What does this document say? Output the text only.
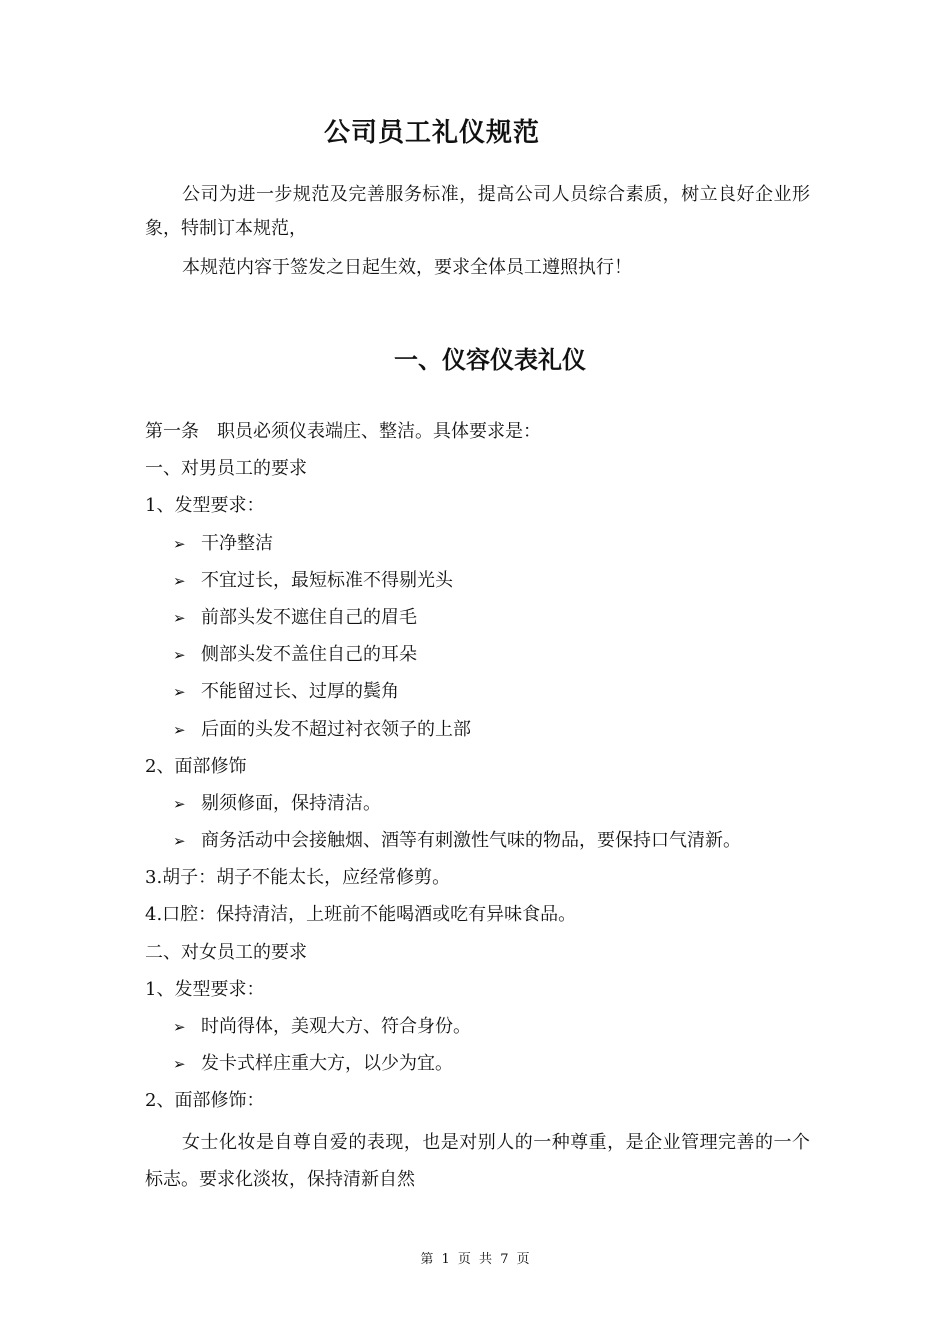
公司员工礼仪规范

公司为进一步规范及完善服务标准，提高公司人员综合素质，树立良好企业形象，特制订本规范，

本规范内容于签发之日起生效，要求全体员工遵照执行！

一、仪容仪表礼仪
第一条　职员必须仪表端庄、整洁。具体要求是：
一、对男员工的要求
1、发型要求：
➢ 干净整洁
➢ 不宜过长，最短标准不得剔光头
➢ 前部头发不遮住自己的眉毛
➢ 侧部头发不盖住自己的耳朵
➢ 不能留过长、过厚的鬓角
➢ 后面的头发不超过衬衣领子的上部
2、面部修饰
➢ 剔须修面，保持清洁。
➢ 商务活动中会接触烟、酒等有刺激性气味的物品，要保持口气清新。
3.胡子：胡子不能太长，应经常修剪。
4.口腔：保持清洁，上班前不能喝酒或吃有异味食品。
二、对女员工的要求
1、发型要求：
➢ 时尚得体，美观大方、符合身份。
➢ 发卡式样庄重大方，以少为宜。
2、面部修饰：

女士化妆是自尊自爱的表现，也是对别人的一种尊重，是企业管理完善的一个标志。要求化淡妆，保持清新自然

第 1 页 共 7 页
